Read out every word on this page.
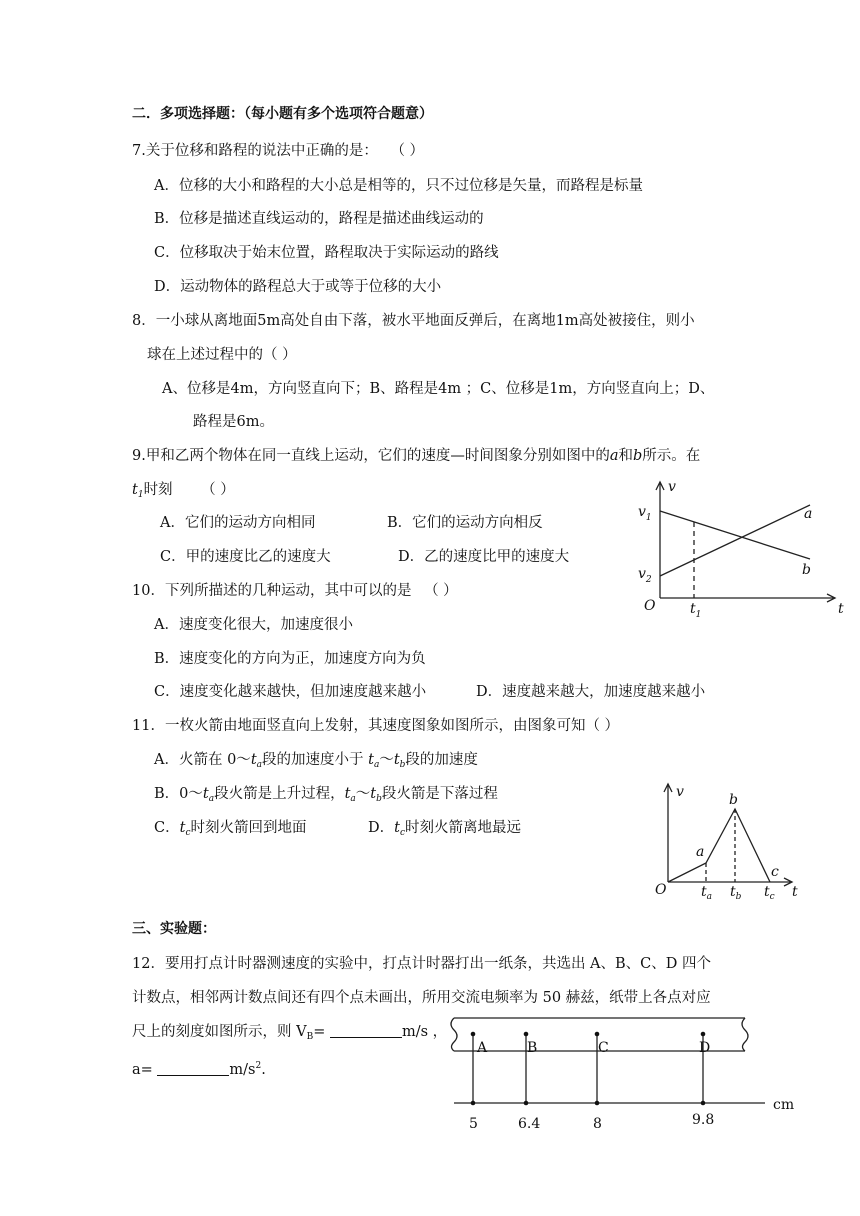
二．多项选择题：（每小题有多个选项符合题意）
7.关于位移和路程的说法中正确的是： （ ）
A．位移的大小和路程的大小总是相等的，只不过位移是矢量，而路程是标量
B．位移是描述直线运动的，路程是描述曲线运动的
C．位移取决于始末位置，路程取决于实际运动的路线
D．运动物体的路程总大于或等于位移的大小
8．一小球从离地面5m高处自由下落，被水平地面反弹后，在离地1m高处被接住，则小
球在上述过程中的（ ）
A、位移是4m，方向竖直向下；B、路程是4m ；C、位移是1m，方向竖直向上；D、
路程是6m。
9.甲和乙两个物体在同一直线上运动，它们的速度—时间图象分别如图中的a和b所示。在
$t_1$时刻 （ ）
A．它们的运动方向相同	B．它们的运动方向相反
C．甲的速度比乙的速度大	D．乙的速度比甲的速度大
v
$v_1$
$v_2$
a
b
O $t_1$	t
10．下列所描述的几种运动，其中可以的是 （ ）
A．速度变化很大，加速度很小
B．速度变化的方向为正，加速度方向为负
C．速度变化越来越快，但加速度越来越小	D．速度越来越大，加速度越来越小
11．一枚火箭由地面竖直向上发射，其速度图象如图所示，由图象可知（ ）
A．火箭在 $0\sim t_a$段的加速度小于 $t_a\sim t_b$段的加速度
B．$0\sim t_a$段火箭是上升过程，$t_a\sim t_b$段火箭是下落过程
C．$t_c$时刻火箭回到地面	D．$t_c$时刻火箭离地最远
v
a
b
c
O $t_a$ $t_b$ $t_c$ t
三、实验题：
12．要用打点计时器测速度的实验中，打点计时器打出一纸条，共选出 A、B、C、D 四个
计数点，相邻两计数点间还有四个点未画出，所用交流电频率为 50 赫兹，纸带上各点对应
尺上的刻度如图所示，则 $V_B=$	m/s ，
a=	$m/s^2$.
A	B	C	D
5	6.4	8	9.8
cm
